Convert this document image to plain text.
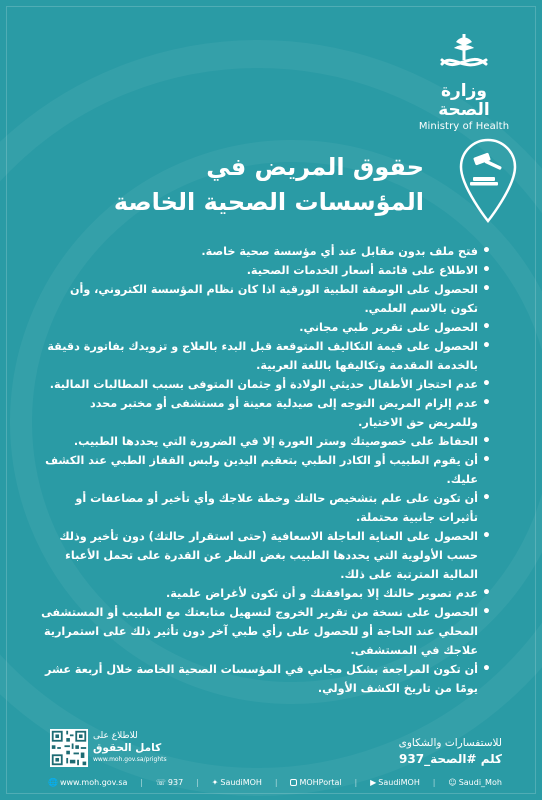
وزارة الصحة
Ministry of Health
حقوق المريض في
المؤسسات الصحية الخاصة
• فتح ملف بدون مقابل عند أي مؤسسة صحية خاصة.
• الاطلاع على قائمة أسعار الخدمات الصحية.
• الحصول على الوصفة الطبية الورقية اذا كان نظام المؤسسة الكتروني، وأن تكون بالاسم العلمي.
• الحصول على تقرير طبي مجاني.
• الحصول على قيمة التكاليف المتوقعة قبل البدء بالعلاج و تزويدك بفاتورة دقيقة بالخدمة المقدمة وتكاليفها باللغة العربية.
• عدم احتجاز الأطفال حديثي الولادة أو جثمان المتوفى بسبب المطالبات المالية.
• عدم إلزام المريض التوجه إلى صيدلية معينة أو مستشفى أو مختبر محدد وللمريض حق الاختيار.
• الحفاظ على خصوصيتك وستر العورة إلا في الضرورة التي يحددها الطبيب.
• أن يقوم الطبيب أو الكادر الطبي بتعقيم اليدين ولبس القفاز الطبي عند الكشف عليك.
• أن تكون على علم بتشخيص حالتك وخطة علاجك وأي تأخير أو مضاعفات أو تأثيرات جانبية محتملة.
• الحصول على العناية العاجلة الاسعافية (حتى استقرار حالتك) دون تأخير وذلك حسب الأولوية التي يحددها الطبيب بغض النظر عن القدرة على تحمل الأعباء المالية المترتبة على ذلك.
• عدم تصوير حالتك إلا بموافقتك و أن تكون لأغراض علمية.
• الحصول على نسخة من تقرير الخروج لتسهيل متابعتك مع الطبيب أو المستشفى المحلي عند الحاجة أو للحصول على رأي طبي آخر دون تأثير ذلك على استمرارية علاجك في المستشفى.
• أن تكون المراجعة بشكل مجاني في المؤسسات الصحية الخاصة خلال أربعة عشر يومًا من تاريخ الكشف الأولي.
للاستفسارات والشكاوى
كلم #الصحة_937
للاطلاع على
كامل الحقوق
www.moh.gov.sa/prights
🌐 www.moh.gov.sa | ☏ 937 | ✦ SaudiMOH |	MOHPortal | ▶ SaudiMOH | ☺ Saudi_Moh
